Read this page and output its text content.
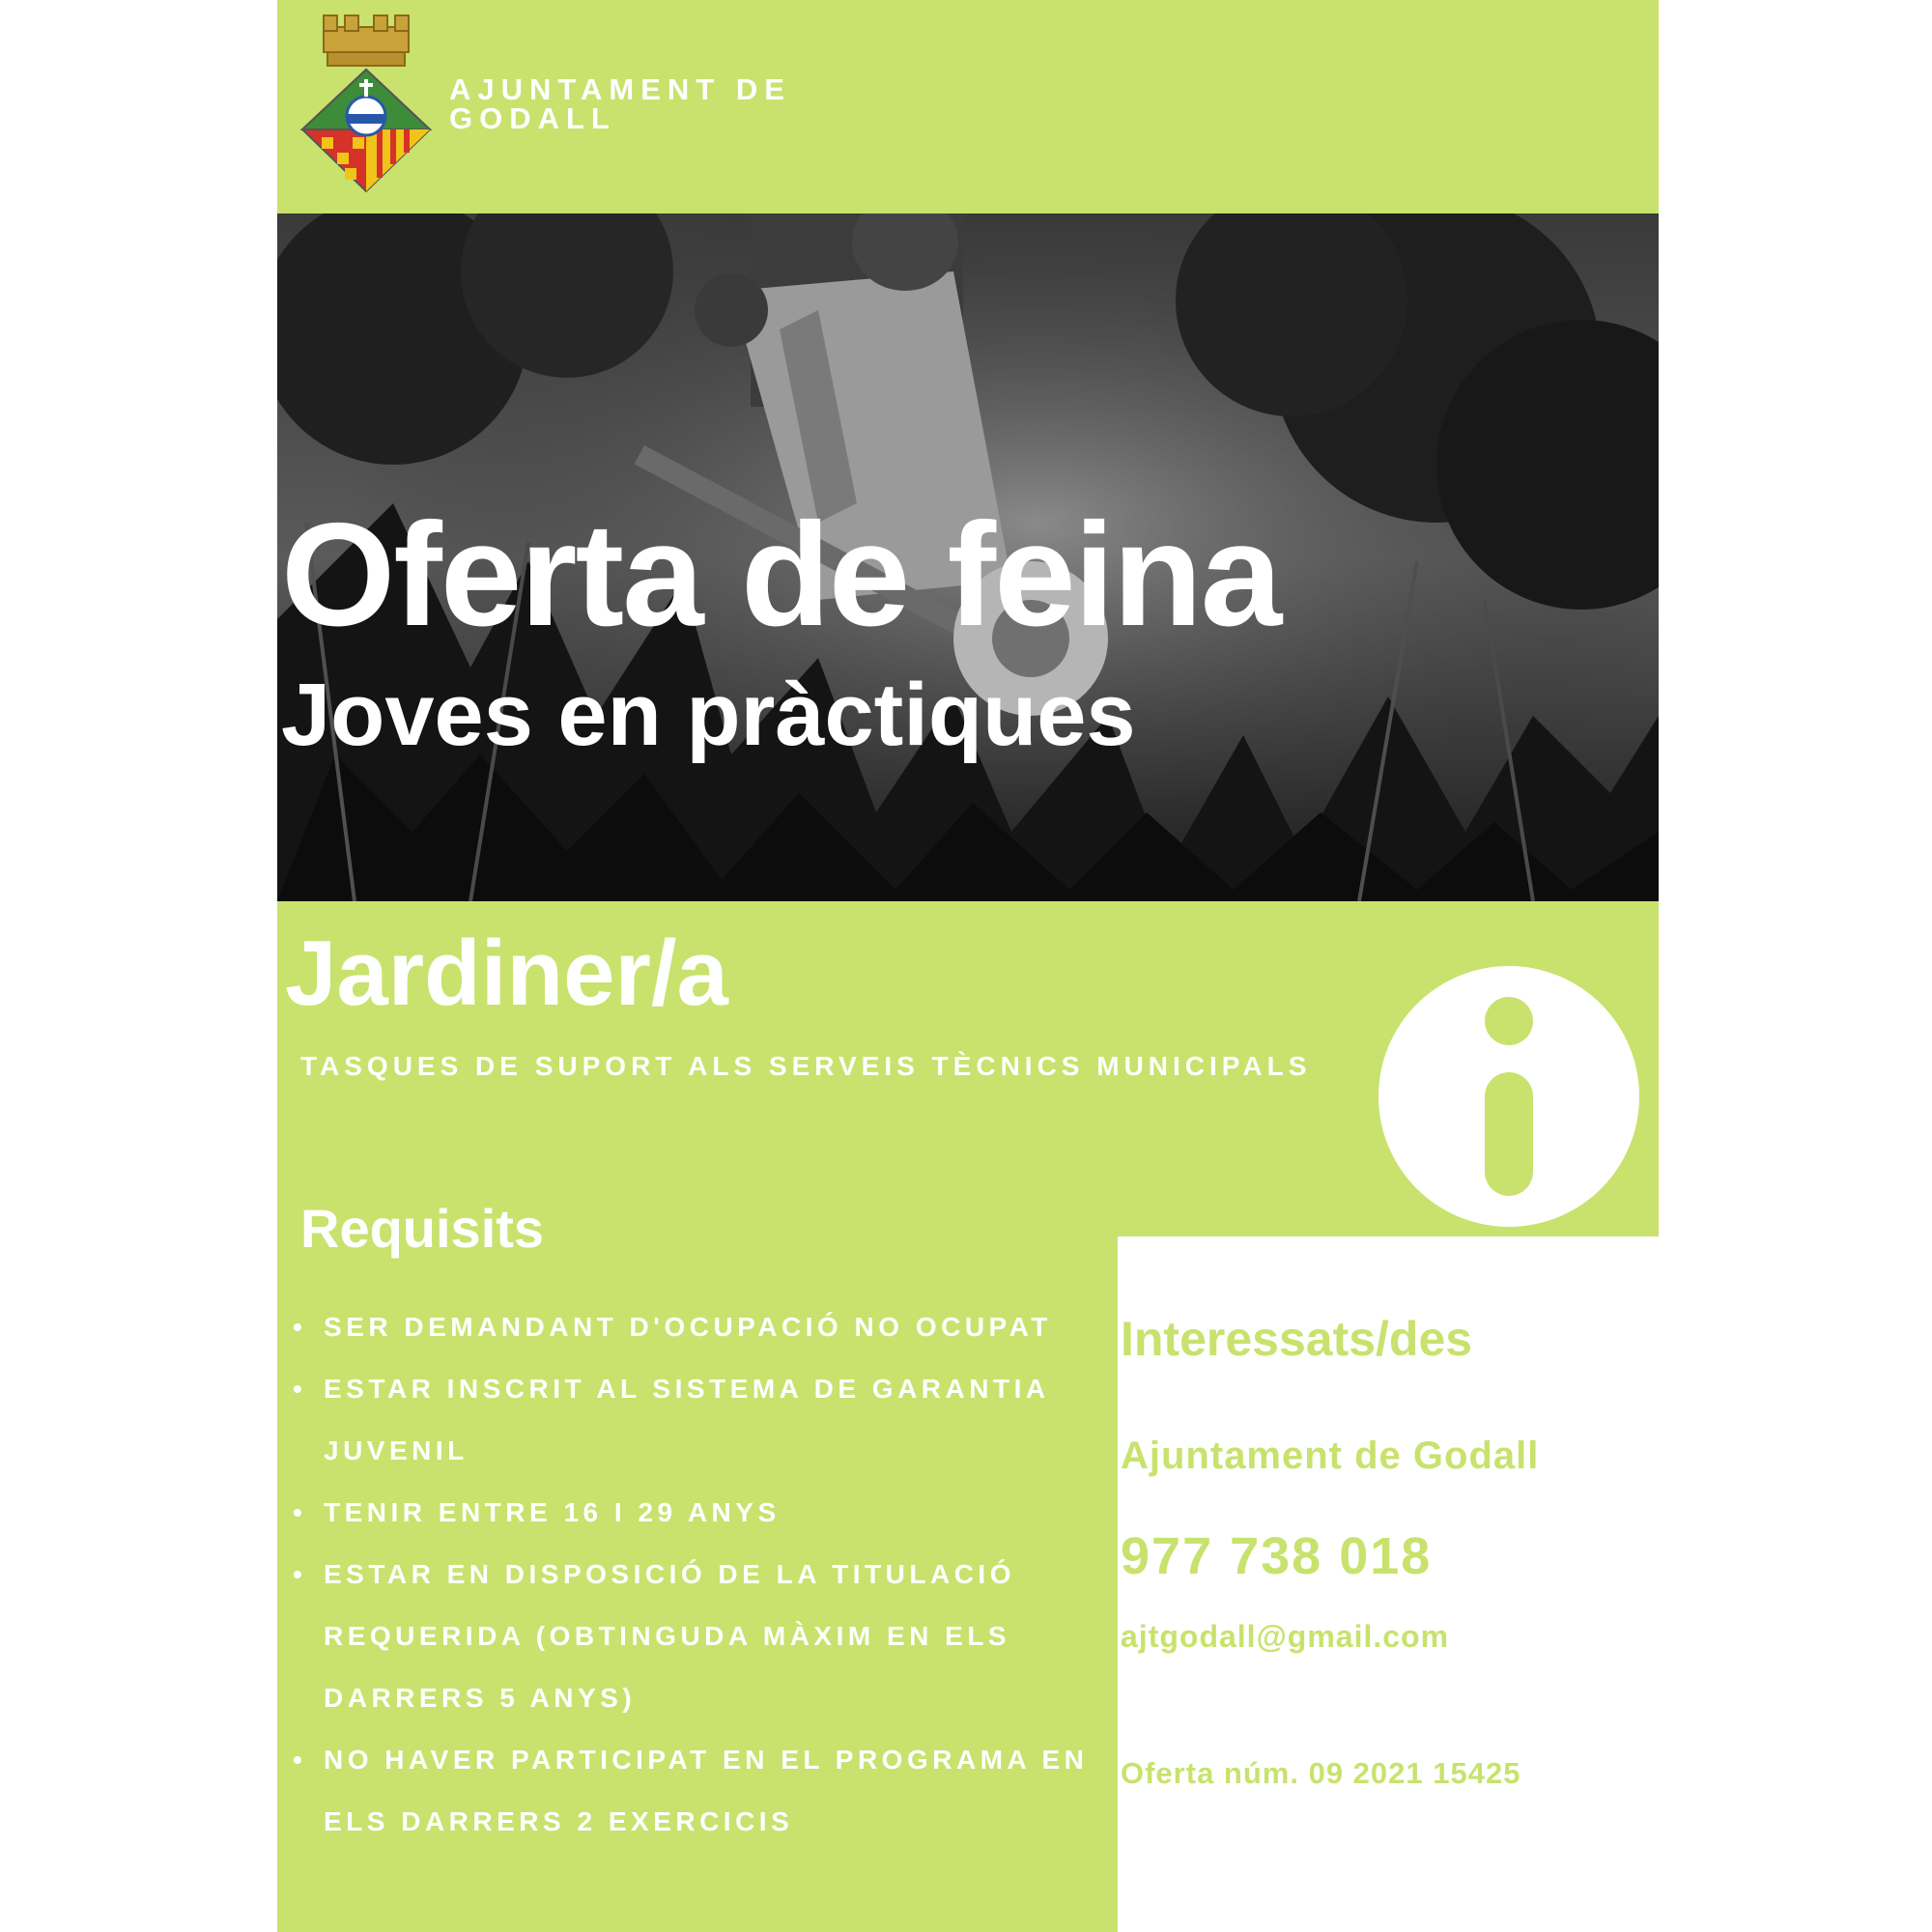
AJUNTAMENT DE
GODALL
Oferta de feina
Joves en pràctiques
Jardiner/a
TASQUES DE SUPORT ALS SERVEIS TÈCNICS MUNICIPALS
Requisits
• SER DEMANDANT D'OCUPACIÓ NO OCUPAT
• ESTAR INSCRIT AL SISTEMA DE GARANTIA JUVENIL
• TENIR ENTRE 16 I 29 ANYS
• ESTAR EN DISPOSICIÓ DE LA TITULACIÓ REQUERIDA (OBTINGUDA MÀXIM EN ELS DARRERS 5 ANYS)
• NO HAVER PARTICIPAT EN EL PROGRAMA EN ELS DARRERS 2 EXERCICIS
Interessats/des
Ajuntament de Godall
977 738 018
ajtgodall@gmail.com
Oferta núm. 09 2021 15425
